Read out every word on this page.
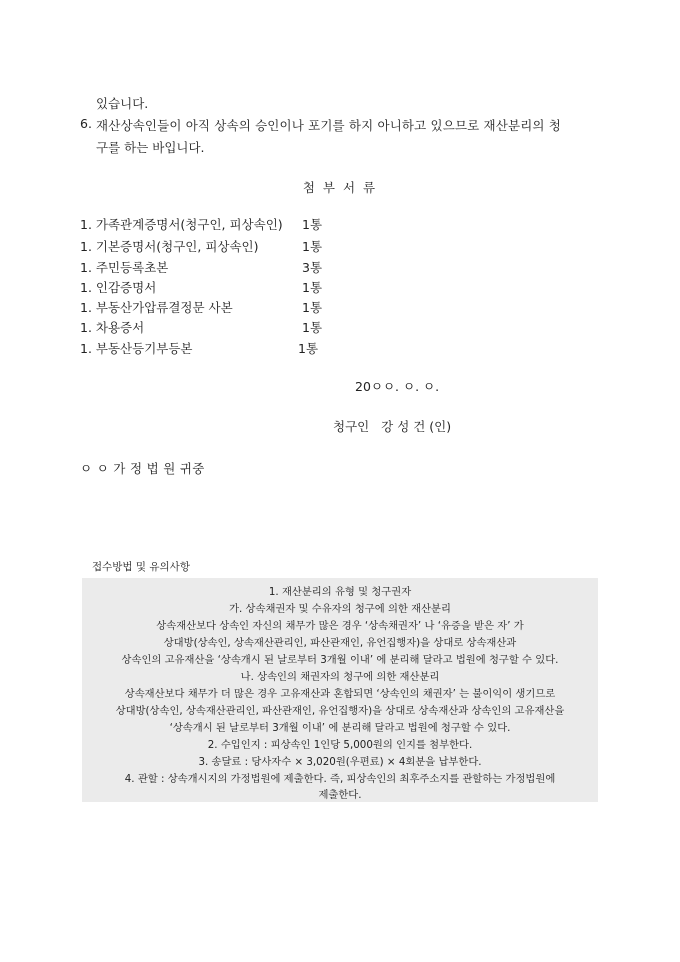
있습니다.
6. 재산상속인들이 아직 상속의 승인이나 포기를 하지 아니하고 있으므로 재산분리의 청
구를 하는 바입니다.
첨 부 서 류
1. 가족관계증명서(청구인, 피상속인) 1통
1. 기본증명서(청구인, 피상속인)	1통
1. 주민등록초본	3통
1. 인감증명서	1통
1. 부동산가압류결정문 사본	1통
1. 차용증서	1통
1. 부동산등기부등본	1통
20ㅇㅇ. ㅇ. ㅇ.
청구인   강 성 건 (인)
ㅇ ㅇ 가 정 법 원 귀중
접수방법 및 유의사항
1. 재산분리의 유형 및 청구권자
가. 상속채권자 및 수유자의 청구에 의한 재산분리
상속재산보다 상속인 자신의 채무가 많은 경우 ‘상속채권자’ 나 ‘유증을 받은 자’ 가
상대방(상속인, 상속재산관리인, 파산관재인, 유언집행자)을 상대로 상속재산과
상속인의 고유재산을 ‘상속개시 된 날로부터 3개월 이내’ 에 분리해 달라고 법원에 청구할 수 있다.
나. 상속인의 채권자의 청구에 의한 재산분리
상속재산보다 채무가 더 많은 경우 고유재산과 혼합되면 ‘상속인의 채권자’ 는 불이익이 생기므로
상대방(상속인, 상속재산관리인, 파산관재인, 유언집행자)을 상대로 상속재산과 상속인의 고유재산을
‘상속개시 된 날로부터 3개월 이내’ 에 분리해 달라고 법원에 청구할 수 있다.
2. 수입인지 : 피상속인 1인당 5,000원의 인지를 첨부한다.
3. 송달료 : 당사자수 × 3,020원(우편료) × 4회분을 납부한다.
4. 관할 : 상속개시지의 가정법원에 제출한다. 즉, 피상속인의 최후주소지를 관할하는 가정법원에
제출한다.
